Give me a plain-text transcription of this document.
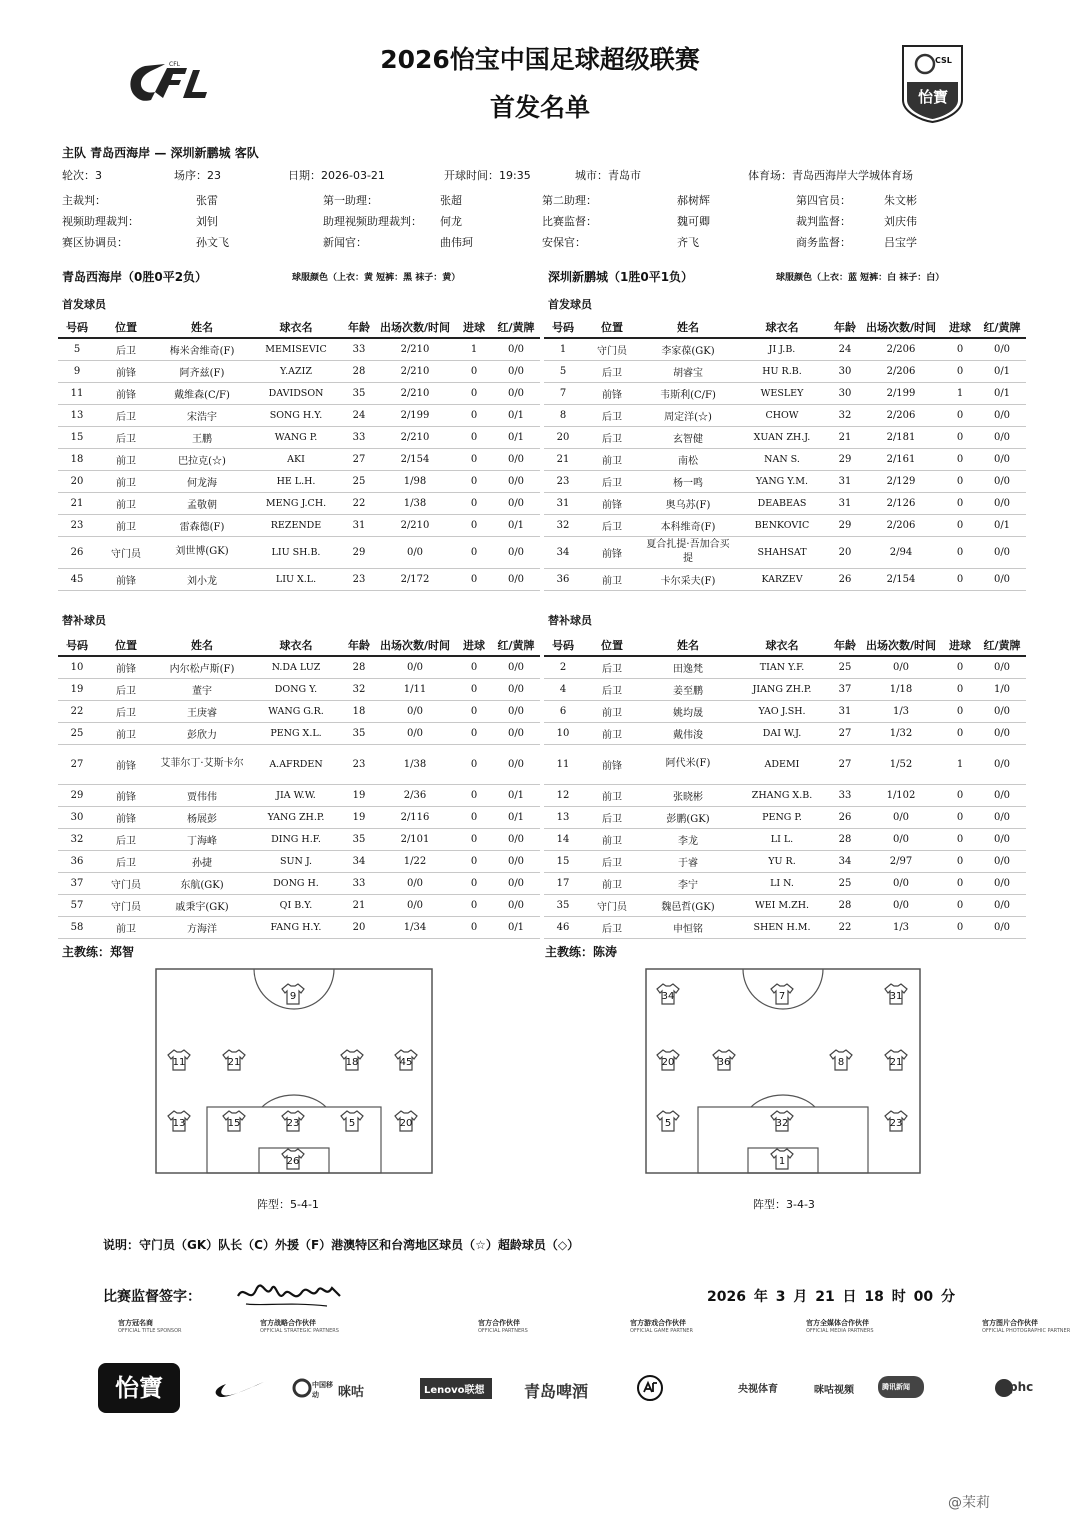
2026怡宝中国足球超级联赛
首发名单
CFL	CSL
怡寶
主队 青岛西海岸 — 深圳新鹏城 客队
轮次：3	场序：23	日期：2026-03-21	开球时间：19:35	城市：青岛市	体育场：青岛西海岸大学城体育场
主裁判：	张雷	第一助理：	张超	第二助理：	郝树辉	第四官员：	朱文彬
视频助理裁判：	刘钊	助理视频助理裁判： 何龙	比赛监督：	魏可卿	裁判监督：	刘庆伟
赛区协调员：	孙文飞	新闻官：	曲伟珂	安保官：	齐飞	商务监督：	吕宝学
青岛西海岸（0胜0平2负）	球服颜色（上衣：黄 短裤：黑 袜子：黄）	深圳新鹏城（1胜0平1负）	球服颜色（上衣：蓝 短裤：白 袜子：白）
首发球员	首发球员
号码	位置	姓名	球衣名	年龄	出场次数/时间	进球	红/黄牌
5	后卫	梅米舍维奇(F)	MEMISEVIC	33	2/210	1	0/0
9	前锋	阿齐兹(F)	Y.AZIZ	28	2/210	0	0/0
11	前锋	戴维森(C/F)	DAVIDSON	35	2/210	0	0/0
13	后卫	宋浩宇	SONG H.Y.	24	2/199	0	0/1
15	后卫	王鹏	WANG P.	33	2/210	0	0/1
18	前卫	巴拉克(☆)	AKI	27	2/154	0	0/0
20	前卫	何龙海	HE L.H.	25	1/98	0	0/0
21	前卫	孟敬朝	MENG J.CH.	22	1/38	0	0/0
23	前卫	雷森德(F)	REZENDE	31	2/210	0	0/1
26	守门员	刘世博(GK)	LIU SH.B.	29	0/0	0	0/0
45	前锋	刘小龙	LIU X.L.	23	2/172	0	0/0
号码	位置	姓名	球衣名	年龄	出场次数/时间	进球	红/黄牌
1	守门员	李家葆(GK)	JI J.B.	24	2/206	0	0/0
5	后卫	胡睿宝	HU R.B.	30	2/206	0	0/1
7	前锋	韦斯利(C/F)	WESLEY	30	2/199	1	0/1
8	后卫	周定洋(☆)	CHOW	32	2/206	0	0/0
20	后卫	玄智健	XUAN ZH.J.	21	2/181	0	0/0
21	前卫	南松	NAN S.	29	2/161	0	0/0
23	后卫	杨一鸣	YANG Y.M.	31	2/129	0	0/0
31	前锋	奥乌苏(F)	DEABEAS	31	2/126	0	0/0
32	后卫	本科维奇(F)	BENKOVIC	29	2/206	0	0/1
34	前锋	夏合扎提·吾加合买提	SHAHSAT	20	2/94	0	0/0
36	前卫	卡尔采夫(F)	KARZEV	26	2/154	0	0/0
替补球员	替补球员
号码	位置	姓名	球衣名	年龄	出场次数/时间	进球	红/黄牌
10	前锋	内尔松卢斯(F)	N.DA LUZ	28	0/0	0	0/0
19	后卫	董宇	DONG Y.	32	1/11	0	0/0
22	后卫	王庚睿	WANG G.R.	18	0/0	0	0/0
25	前卫	彭欣力	PENG X.L.	35	0/0	0	0/0
27	前锋	艾菲尔丁·艾斯卡尔	A.AFRDEN	23	1/38	0	0/0
29	前锋	贾伟伟	JIA W.W.	19	2/36	0	0/1
30	前锋	杨展彭	YANG ZH.P.	19	2/116	0	0/1
32	后卫	丁海峰	DING H.F.	35	2/101	0	0/0
36	后卫	孙捷	SUN J.	34	1/22	0	0/0
37	守门员	东航(GK)	DONG H.	33	0/0	0	0/0
57	守门员	戚秉宇(GK)	QI B.Y.	21	0/0	0	0/0
58	前卫	方海洋	FANG H.Y.	20	1/34	0	0/1
号码	位置	姓名	球衣名	年龄	出场次数/时间	进球	红/黄牌
2	后卫	田逸梵	TIAN Y.F.	25	0/0	0	0/0
4	后卫	姜至鹏	JIANG ZH.P.	37	1/18	0	1/0
6	前卫	姚均晟	YAO J.SH.	31	1/3	0	0/0
10	前卫	戴伟浚	DAI W.J.	27	1/32	0	0/0
11	前锋	阿代米(F)	ADEMI	27	1/52	1	0/0
12	前卫	张晓彬	ZHANG X.B.	33	1/102	0	0/0
13	后卫	彭鹏(GK)	PENG P.	26	0/0	0	0/0
14	前卫	李龙	LI L.	28	0/0	0	0/0
15	后卫	于睿	YU R.	34	2/97	0	0/0
17	前卫	李宁	LI N.	25	0/0	0	0/0
35	守门员	魏邑哲(GK)	WEI M.ZH.	28	0/0	0	0/0
46	后卫	申恒铭	SHEN H.M.	22	1/3	0	0/0
主教练：郑智	主教练：陈涛
9
11	21	18	45
13	15	23	5	20
26
阵型：5-4-1
34	7	31
20	36	8	21
5	32	23
1
阵型：3-4-3
说明：守门员（GK）队长（C）外援（F）港澳特区和台湾地区球员（☆）超龄球员（◇）
比赛监督签字：	2026 年 3 月 21 日 18 时 00 分
官方冠名商
OFFICIAL TITLE SPONSOR
官方战略合作伙伴
OFFICIAL STRATEGIC PARTNERS
官方合作伙伴
OFFICIAL PARTNERS
官方游戏合作伙伴
OFFICIAL GAME PARTNER
官方全媒体合作伙伴
OFFICIAL MEDIA PARTNERS
官方图片合作伙伴
OFFICIAL PHOTOGRAPHIC PARTNER
怡寶	中国移动	咪咕	Lenovo联想	青岛啤酒	央视体育	咪咕视频	腾讯新闻	phc
@茉莉
